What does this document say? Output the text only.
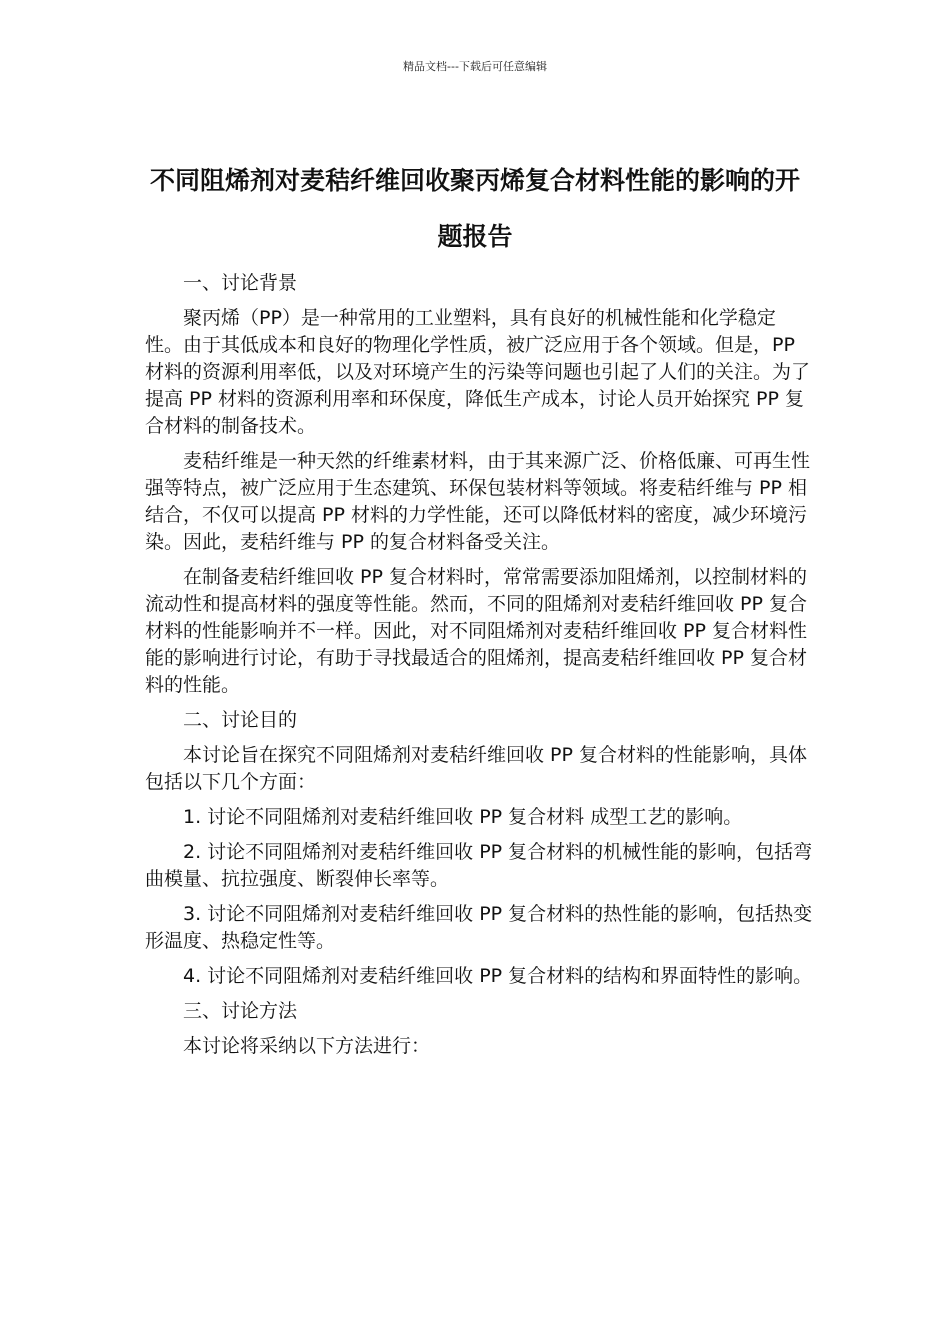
精品文档---下载后可任意编辑
不同阻烯剂对麦秸纤维回收聚丙烯复合材料性能的影响的开题报告
一、讨论背景

聚丙烯（PP）是一种常用的工业塑料，具有良好的机械性能和化学稳定性。由于其低成本和良好的物理化学性质，被广泛应用于各个领域。但是，PP 材料的资源利用率低，以及对环境产生的污染等问题也引起了人们的关注。为了提高 PP 材料的资源利用率和环保度，降低生产成本，讨论人员开始探究 PP 复合材料的制备技术。

麦秸纤维是一种天然的纤维素材料，由于其来源广泛、价格低廉、可再生性强等特点，被广泛应用于生态建筑、环保包装材料等领域。将麦秸纤维与 PP 相结合，不仅可以提高 PP 材料的力学性能，还可以降低材料的密度，减少环境污染。因此，麦秸纤维与 PP 的复合材料备受关注。

在制备麦秸纤维回收 PP 复合材料时，常常需要添加阻烯剂，以控制材料的流动性和提高材料的强度等性能。然而，不同的阻烯剂对麦秸纤维回收 PP 复合材料的性能影响并不一样。因此，对不同阻烯剂对麦秸纤维回收 PP 复合材料性能的影响进行讨论，有助于寻找最适合的阻烯剂，提高麦秸纤维回收 PP 复合材料的性能。

二、讨论目的

本讨论旨在探究不同阻烯剂对麦秸纤维回收 PP 复合材料的性能影响，具体包括以下几个方面：

1. 讨论不同阻烯剂对麦秸纤维回收 PP 复合材料 成型工艺的影响。

2. 讨论不同阻烯剂对麦秸纤维回收 PP 复合材料的机械性能的影响，包括弯曲模量、抗拉强度、断裂伸长率等。

3. 讨论不同阻烯剂对麦秸纤维回收 PP 复合材料的热性能的影响，包括热变形温度、热稳定性等。

4. 讨论不同阻烯剂对麦秸纤维回收 PP 复合材料的结构和界面特性的影响。

三、讨论方法

本讨论将采纳以下方法进行：
